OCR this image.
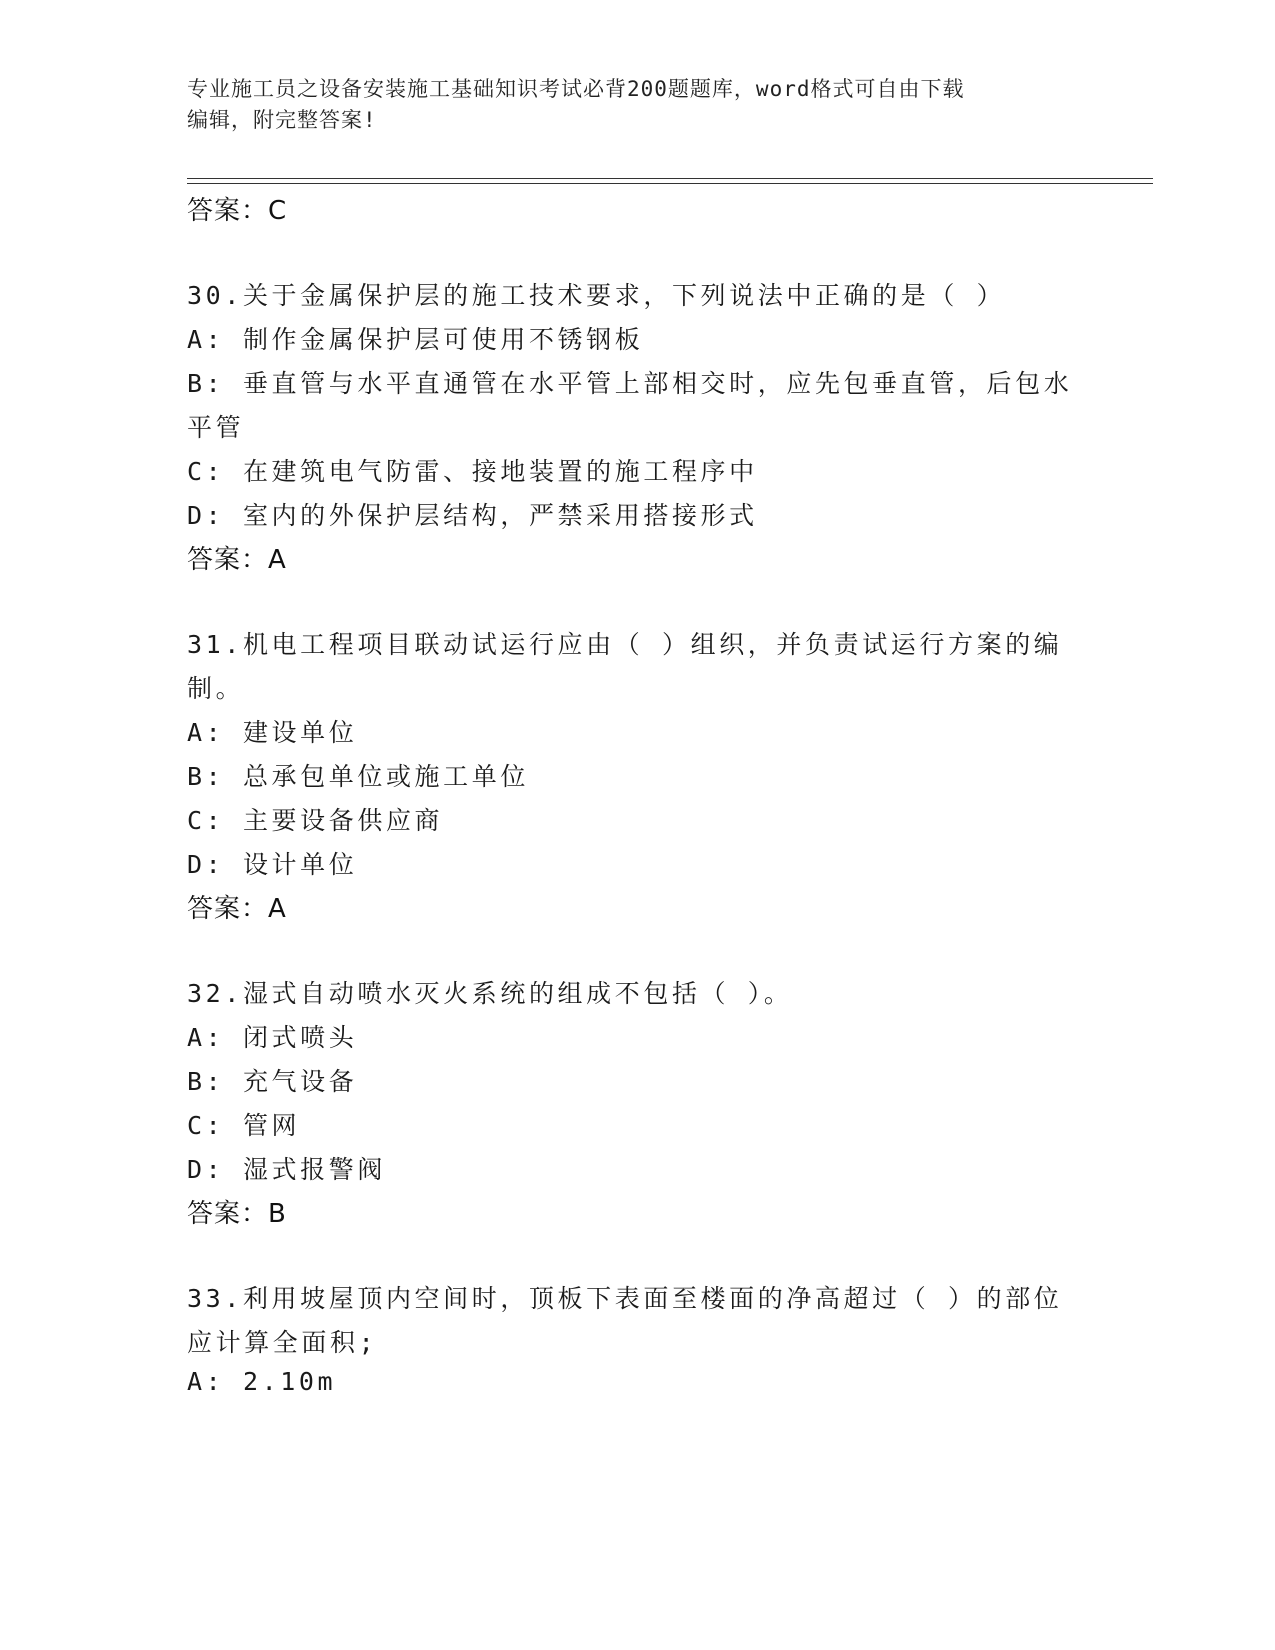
专业施工员之设备安装施工基础知识考试必背200题题库，word格式可自由下载
编辑，附完整答案!
答案：C
30.关于金属保护层的施工技术要求，下列说法中正确的是（ ）
A: 制作金属保护层可使用不锈钢板
B: 垂直管与水平直通管在水平管上部相交时，应先包垂直管，后包水
平管
C: 在建筑电气防雷、接地装置的施工程序中
D: 室内的外保护层结构，严禁采用搭接形式
答案：A
31.机电工程项目联动试运行应由（ ）组织，并负责试运行方案的编
制。
A: 建设单位
B: 总承包单位或施工单位
C: 主要设备供应商
D: 设计单位
答案：A
32.湿式自动喷水灭火系统的组成不包括（ ）。
A: 闭式喷头
B: 充气设备
C: 管网
D: 湿式报警阀
答案：B
33.利用坡屋顶内空间时，顶板下表面至楼面的净高超过（ ）的部位
应计算全面积;
A: 2.10m
